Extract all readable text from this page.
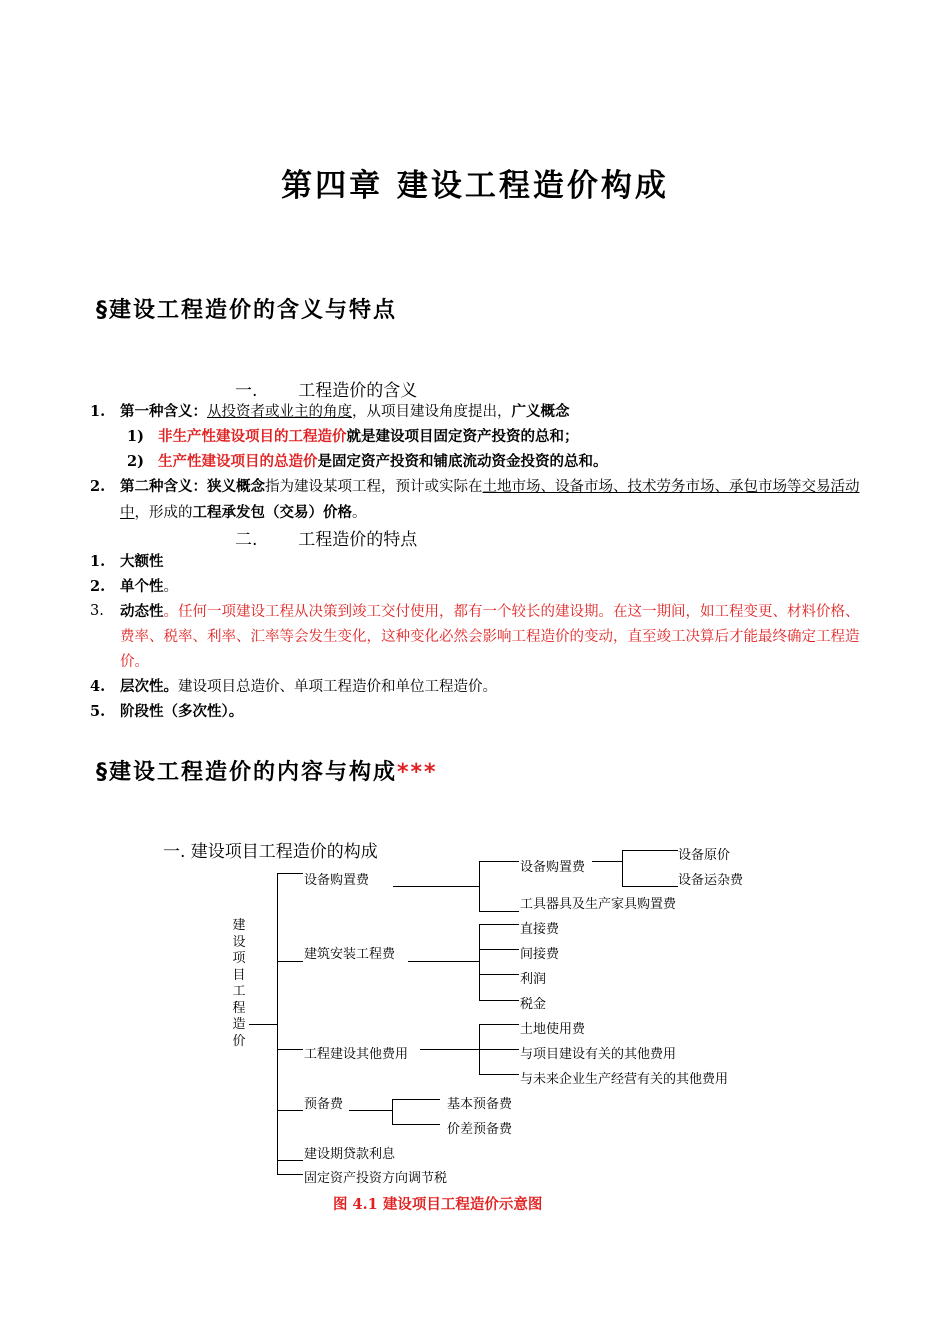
第四章 建设工程造价构成
§建设工程造价的含义与特点
一. 工程造价的含义
1. 第一种含义：从投资者或业主的角度，从项目建设角度提出，广义概念
1) 非生产性建设项目的工程造价就是建设项目固定资产投资的总和；
2) 生产性建设项目的总造价是固定资产投资和铺底流动资金投资的总和。
2. 第二种含义：狭义概念指为建设某项工程，预计或实际在土地市场、设备市场、技术劳务市场、承包市场等交易活动中，形成的工程承发包（交易）价格。
二. 工程造价的特点
1. 大额性
2. 单个性。
3. 动态性。任何一项建设工程从决策到竣工交付使用，都有一个较长的建设期。在这一期间，如工程变更、材料价格、费率、税率、利率、汇率等会发生变化，这种变化必然会影响工程造价的变动，直至竣工决算后才能最终确定工程造价。
4. 层次性。建设项目总造价、单项工程造价和单位工程造价。
5. 阶段性（多次性）。
§建设工程造价的内容与构成***
一. 建设项目工程造价的构成
建设项目工程造价
设备购置费
建筑安装工程费
工程建设其他费用
预备费
建设期贷款利息
固定资产投资方向调节税
设备购置费
工具器具及生产家具购置费
设备原价
设备运杂费
直接费
间接费
利润
税金
土地使用费
与项目建设有关的其他费用
与未来企业生产经营有关的其他费用
基本预备费
价差预备费
图 4.1 建设项目工程造价示意图
